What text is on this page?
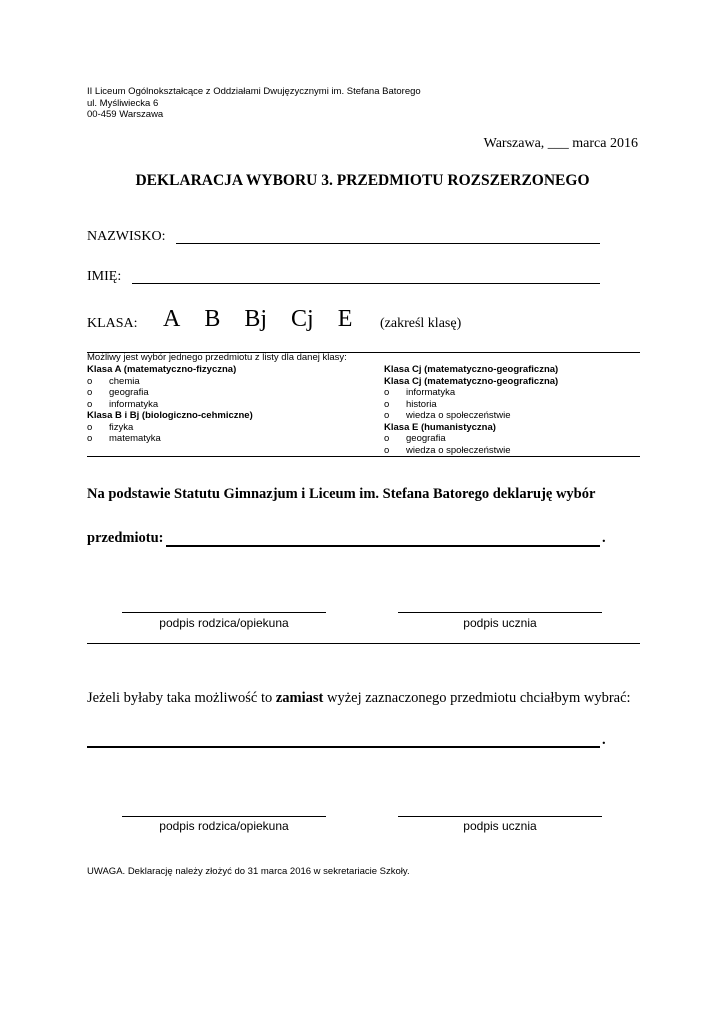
II Liceum Ogólnokształcące z Oddziałami Dwujęzycznymi im. Stefana Batorego
ul. Myśliwiecka 6
00-459 Warszawa
Warszawa, ___ marca 2016
DEKLARACJA WYBORU 3. PRZEDMIOTU ROZSZERZONEGO
NAZWISKO:
IMIĘ:
KLASA: A B Bj Cj E	(zakreśl klasę)
Możliwy jest wybór jednego przedmiotu z listy dla danej klasy:
Klasa A (matematyczno-fizyczna)
o chemia
o geografia
o informatyka
Klasa B i Bj (biologiczno-cehmiczne)
o fizyka
o matematyka
Klasa Cj (matematyczno-geograficzna)
Klasa Cj (matematyczno-geograficzna)
o informatyka
o historia
o wiedza o społeczeństwie
Klasa E (humanistyczna)
o geografia
o wiedza o społeczeństwie
Na podstawie Statutu Gimnazjum i Liceum im. Stefana Batorego deklaruję wybór
przedmiotu:	.
podpis rodzica/opiekuna	podpis ucznia
Jeżeli byłaby taka możliwość to zamiast wyżej zaznaczonego przedmiotu chciałbym wybrać:
.
podpis rodzica/opiekuna	podpis ucznia
UWAGA. Deklarację należy złożyć do 31 marca 2016 w sekretariacie Szkoły.
